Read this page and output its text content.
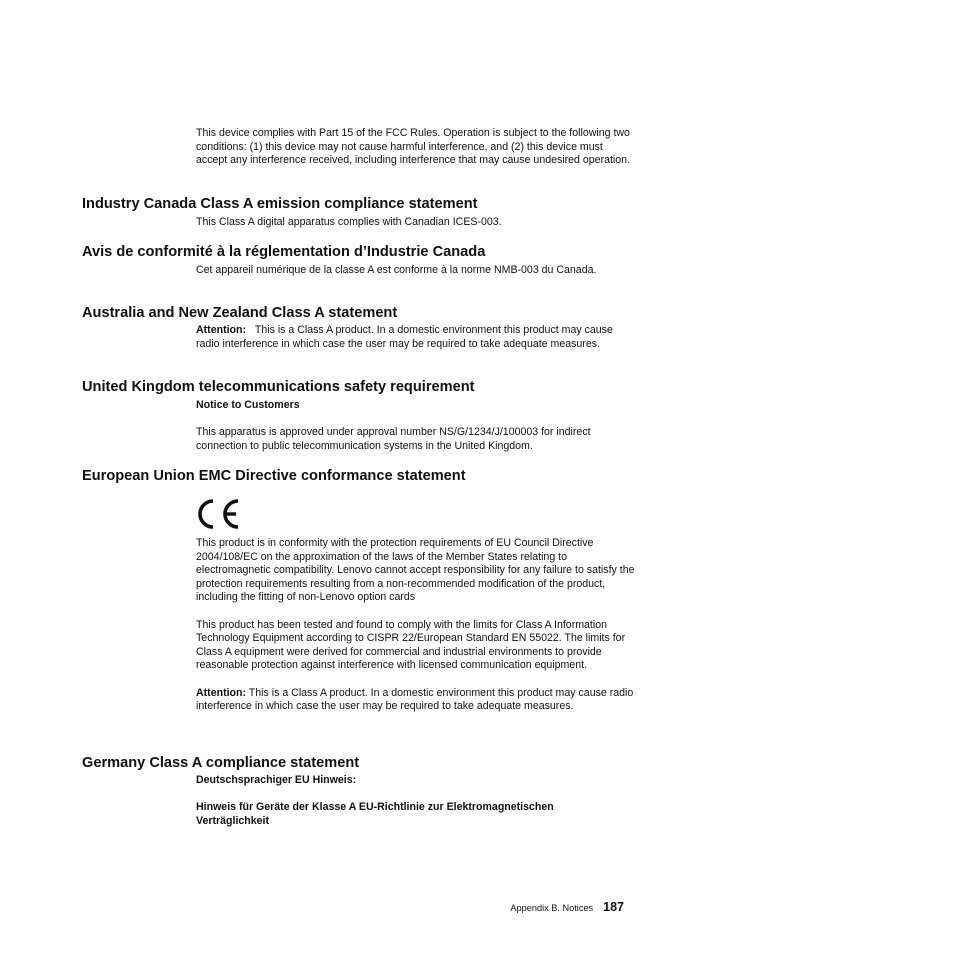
This device complies with Part 15 of the FCC Rules. Operation is subject to the following two conditions: (1) this device may not cause harmful interference, and (2) this device must accept any interference received, including interference that may cause undesired operation.

Industry Canada Class A emission compliance statement

This Class A digital apparatus complies with Canadian ICES-003.

Avis de conformité à la réglementation d’Industrie Canada

Cet appareil numérique de la classe A est conforme à la norme NMB-003 du Canada.

Australia and New Zealand Class A statement

Attention: This is a Class A product. In a domestic environment this product may cause radio interference in which case the user may be required to take adequate measures.

United Kingdom telecommunications safety requirement

Notice to Customers

This apparatus is approved under approval number NS/G/1234/J/100003 for indirect connection to public telecommunication systems in the United Kingdom.

European Union EMC Directive conformance statement

This product is in conformity with the protection requirements of EU Council Directive 2004/108/EC on the approximation of the laws of the Member States relating to electromagnetic compatibility. Lenovo cannot accept responsibility for any failure to satisfy the protection requirements resulting from a non-recommended modification of the product, including the fitting of non-Lenovo option cards

This product has been tested and found to comply with the limits for Class A Information Technology Equipment according to CISPR 22/European Standard EN 55022. The limits for Class A equipment were derived for commercial and industrial environments to provide reasonable protection against interference with licensed communication equipment.

Attention: This is a Class A product. In a domestic environment this product may cause radio interference in which case the user may be required to take adequate measures.

Germany Class A compliance statement

Deutschsprachiger EU Hinweis:

Hinweis für Geräte der Klasse A EU-Richtlinie zur Elektromagnetischen Verträglichkeit

Appendix B. Notices 187
